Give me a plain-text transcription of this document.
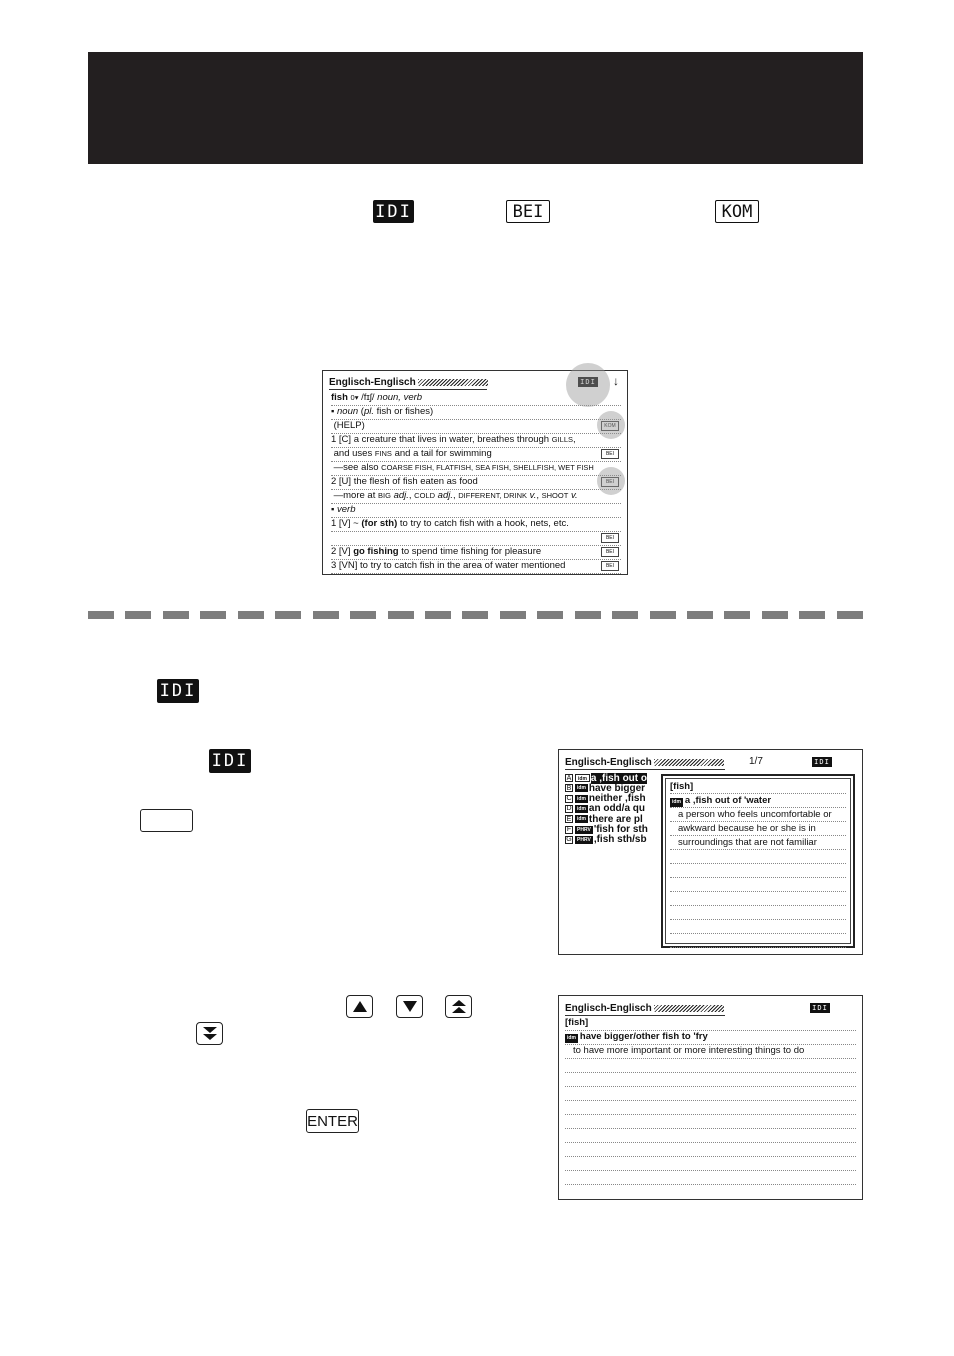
IDI	BEI	KOM
Englisch-Englisch	IDI ↓
fish 0▾ /fɪʃ/ noun, verb
▪ noun (pl. fish or fishes)
(HELP)	KOM
1 [C] a creature that lives in water, breathes through GILLS,
and uses FINS and a tail for swimming	BEI
—see also COARSE FISH, FLATFISH, SEA FISH, SHELLFISH, WET FISH
2 [U] the flesh of fish eaten as food	BEI
—more at BIG adj., COLD adj., DIFFERENT, DRINK v., SHOOT v.
▪ verb
1 [V] ~ (for sth) to try to catch fish with a hook, nets, etc.
BEI
2 [V] go fishing to spend time fishing for pleasure	BEI
3 [VN] to try to catch fish in the area of water mentioned	BEI
IDI
IDI	Englisch-Englisch	1/7	IDI
A	idm a ,fish out o
B	idm have bigger
C	idm neither ,fish
D	idm an odd/a qu
E	idm there are pl
F	PHRV 'fish for sth
G	PHRV ,fish sth/sb
[fish]
idm a ,fish out of 'water
a person who feels uncomfortable or
awkward because he or she is in
surroundings that are not familiar
ENTER
Englisch-Englisch	IDI
[fish]
idm have bigger/other fish to 'fry
to have more important or more interesting things to do
